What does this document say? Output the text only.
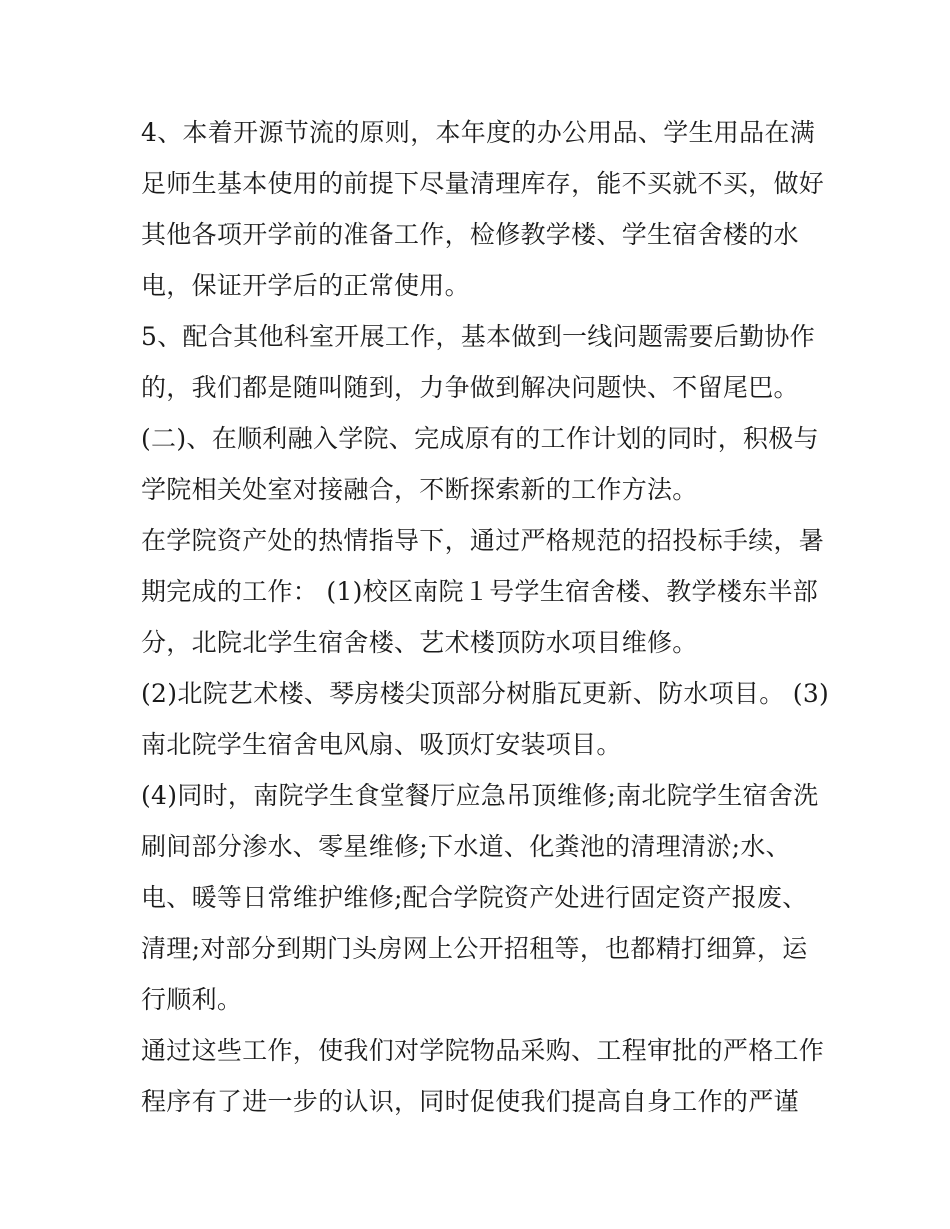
4、本着开源节流的原则，本年度的办公用品、学生用品在满
足师生基本使用的前提下尽量清理库存，能不买就不买，做好
其他各项开学前的准备工作，检修教学楼、学生宿舍楼的水
电，保证开学后的正常使用。

5、配合其他科室开展工作，基本做到一线问题需要后勤协作
的，我们都是随叫随到，力争做到解决问题快、不留尾巴。

(二)、在顺利融入学院、完成原有的工作计划的同时，积极与
学院相关处室对接融合，不断探索新的工作方法。

在学院资产处的热情指导下，通过严格规范的招投标手续，暑
期完成的工作： (1)校区南院１号学生宿舍楼、教学楼东半部
分，北院北学生宿舍楼、艺术楼顶防水项目维修。

(2)北院艺术楼、琴房楼尖顶部分树脂瓦更新、防水项目。 (3)
南北院学生宿舍电风扇、吸顶灯安装项目。

(4)同时，南院学生食堂餐厅应急吊顶维修;南北院学生宿舍洗
刷间部分渗水、零星维修;下水道、化粪池的清理清淤;水、
电、暖等日常维护维修;配合学院资产处进行固定资产报废、
清理;对部分到期门头房网上公开招租等，也都精打细算，运
行顺利。

通过这些工作，使我们对学院物品采购、工程审批的严格工作
程序有了进一步的认识，同时促使我们提高自身工作的严谨
